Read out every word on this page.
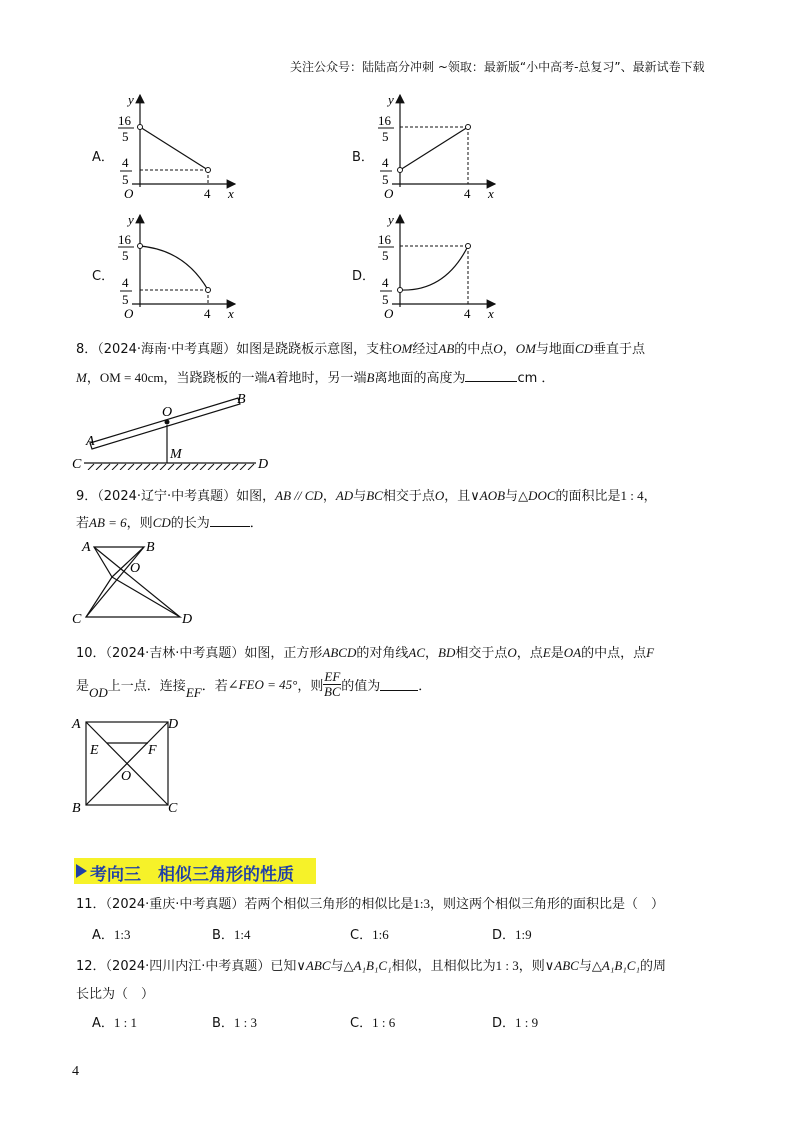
关注公众号：陆陆高分冲刺 ~领取：最新版“小中高考-总复习”、最新试卷下载
A．	B．
C．	D．
y
x
O	4
16
5
4
5
y
x
O	4
16
5
4
5
y
x
O	4
16
5
4
5
y
x
O	4
16
5
4
5
8．（2024·海南·中考真题）如图是跷跷板示意图，支柱OM经过AB的中点O，OM与地面CD垂直于点
M，OM = 40cm，当跷跷板的一端A着地时，另一端B离地面的高度为	cm ．
A
B
O
C	D
M
9．（2024·辽宁·中考真题）如图，AB // CD，AD与BC相交于点O，且∨AOB与△DOC的面积比是1 : 4，
若AB = 6，则CD的长为	．
A	B
O
C	D
10．（2024·吉林·中考真题）如图，正方形ABCD的对角线AC，BD相交于点O，点E是OA的中点，点F
是 OD 上一点．连接 EF ．若 ∠FEO = 45° ，则 $\frac{EF}{BC}$ 的值为	．
A	D
B	C
E	F
O
考向三　相似三角形的性质
11．（2024·重庆·中考真题）若两个相似三角形的相似比是1:3，则这两个相似三角形的面积比是（　）
A．1:3	B．1:4	C．1:6	D．1:9
12．（2024·四川内江·中考真题）已知∨ABC与△A₁B₁C₁相似，且相似比为1 : 3，则∨ABC与△A₁B₁C₁的周
长比为（　）
A．1 : 1	B．1 : 3	C．1 : 6	D．1 : 9
4
